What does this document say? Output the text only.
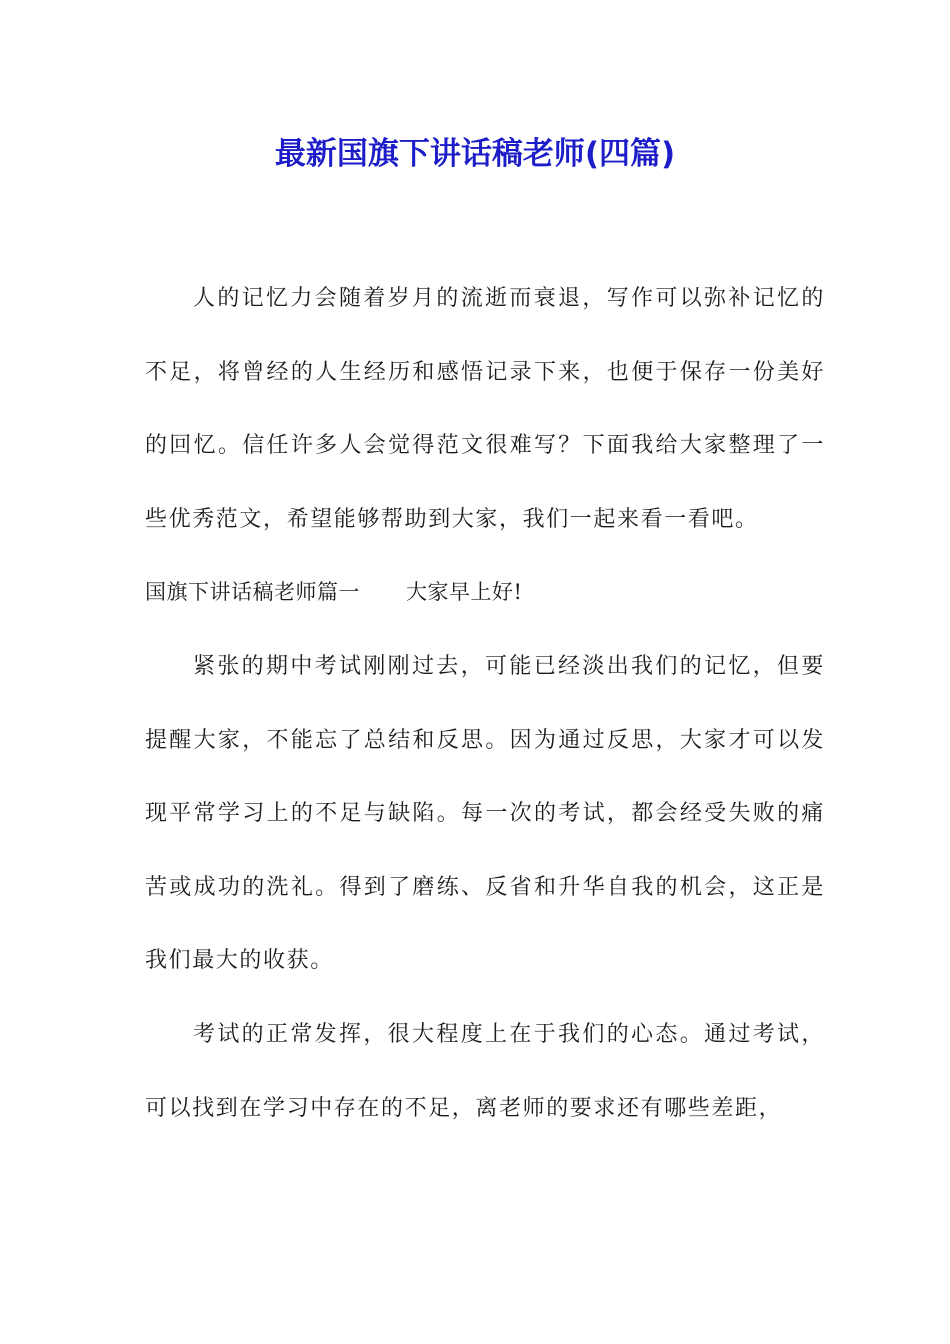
最新国旗下讲话稿老师(四篇)

人的记忆力会随着岁月的流逝而衰退，写作可以弥补记忆的不足，将曾经的人生经历和感悟记录下来，也便于保存一份美好的回忆。信任许多人会觉得范文很难写？下面我给大家整理了一些优秀范文，希望能够帮助到大家，我们一起来看一看吧。

国旗下讲话稿老师篇一 大家早上好!

紧张的期中考试刚刚过去，可能已经淡出我们的记忆，但要提醒大家，不能忘了总结和反思。因为通过反思，大家才可以发现平常学习上的不足与缺陷。每一次的考试，都会经受失败的痛苦或成功的洗礼。得到了磨练、反省和升华自我的机会，这正是我们最大的收获。

考试的正常发挥，很大程度上在于我们的心态。通过考试，可以找到在学习中存在的不足，离老师的要求还有哪些差距，
